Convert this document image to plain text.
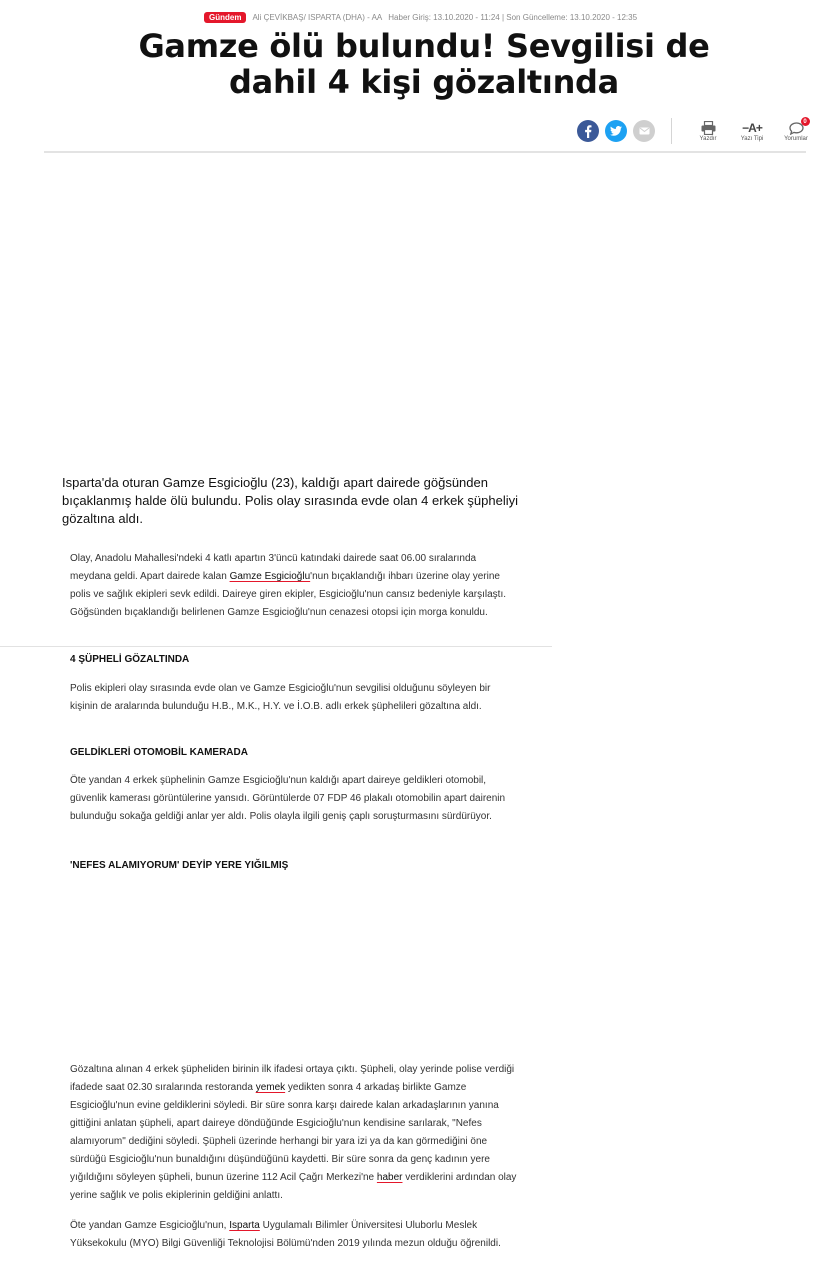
Gündem	Ali ÇEVİKBAŞ/ ISPARTA (DHA) - AA Haber Giriş: 13.10.2020 - 11:24 | Son Güncelleme: 13.10.2020 - 12:35
Gamze ölü bulundu! Sevgilisi de dahil 4 kişi gözaltında
Yazdır
−A+
Yazı Tipi
0
Yorumlar

Isparta'da oturan Gamze Esgicioğlu (23), kaldığı apart dairede göğsünden bıçaklanmış halde ölü bulundu. Polis olay sırasında evde olan 4 erkek şüpheliyi gözaltına aldı.

Olay, Anadolu Mahallesi'ndeki 4 katlı apartın 3'üncü katındaki dairede saat 06.00 sıralarında meydana geldi. Apart dairede kalan Gamze Esgicioğlu'nun bıçaklandığı ihbarı üzerine olay yerine polis ve sağlık ekipleri sevk edildi. Daireye giren ekipler, Esgicioğlu'nun cansız bedeniyle karşılaştı. Göğsünden bıçaklandığı belirlenen Gamze Esgicioğlu'nun cenazesi otopsi için morga konuldu.

4 ŞÜPHELİ GÖZALTINDA

Polis ekipleri olay sırasında evde olan ve Gamze Esgicioğlu'nun sevgilisi olduğunu söyleyen bir kişinin de aralarında bulunduğu H.B., M.K., H.Y. ve İ.O.B. adlı erkek şüphelileri gözaltına aldı.

GELDİKLERİ OTOMOBİL KAMERADA

Öte yandan 4 erkek şüphelinin Gamze Esgicioğlu'nun kaldığı apart daireye geldikleri otomobil, güvenlik kamerası görüntülerine yansıdı. Görüntülerde 07 FDP 46 plakalı otomobilin apart dairenin bulunduğu sokağa geldiği anlar yer aldı. Polis olayla ilgili geniş çaplı soruşturmasını sürdürüyor.

'NEFES ALAMIYORUM' DEYİP YERE YIĞILMIŞ

Gözaltına alınan 4 erkek şüpheliden birinin ilk ifadesi ortaya çıktı. Şüpheli, olay yerinde polise verdiği ifadede saat 02.30 sıralarında restoranda yemek yedikten sonra 4 arkadaş birlikte Gamze Esgicioğlu'nun evine geldiklerini söyledi. Bir süre sonra karşı dairede kalan arkadaşlarının yanına gittiğini anlatan şüpheli, apart daireye döndüğünde Esgicioğlu'nun kendisine sarılarak, "Nefes alamıyorum" dediğini söyledi. Şüpheli üzerinde herhangi bir yara izi ya da kan görmediğini öne sürdüğü Esgicioğlu'nun bunaldığını düşündüğünü kaydetti. Bir süre sonra da genç kadının yere yığıldığını söyleyen şüpheli, bunun üzerine 112 Acil Çağrı Merkezi'ne haber verdiklerini ardından olay yerine sağlık ve polis ekiplerinin geldiğini anlattı.

Öte yandan Gamze Esgicioğlu'nun, Isparta Uygulamalı Bilimler Üniversitesi Uluborlu Meslek Yüksekokulu (MYO) Bilgi Güvenliği Teknolojisi Bölümü'nden 2019 yılında mezun olduğu öğrenildi.
